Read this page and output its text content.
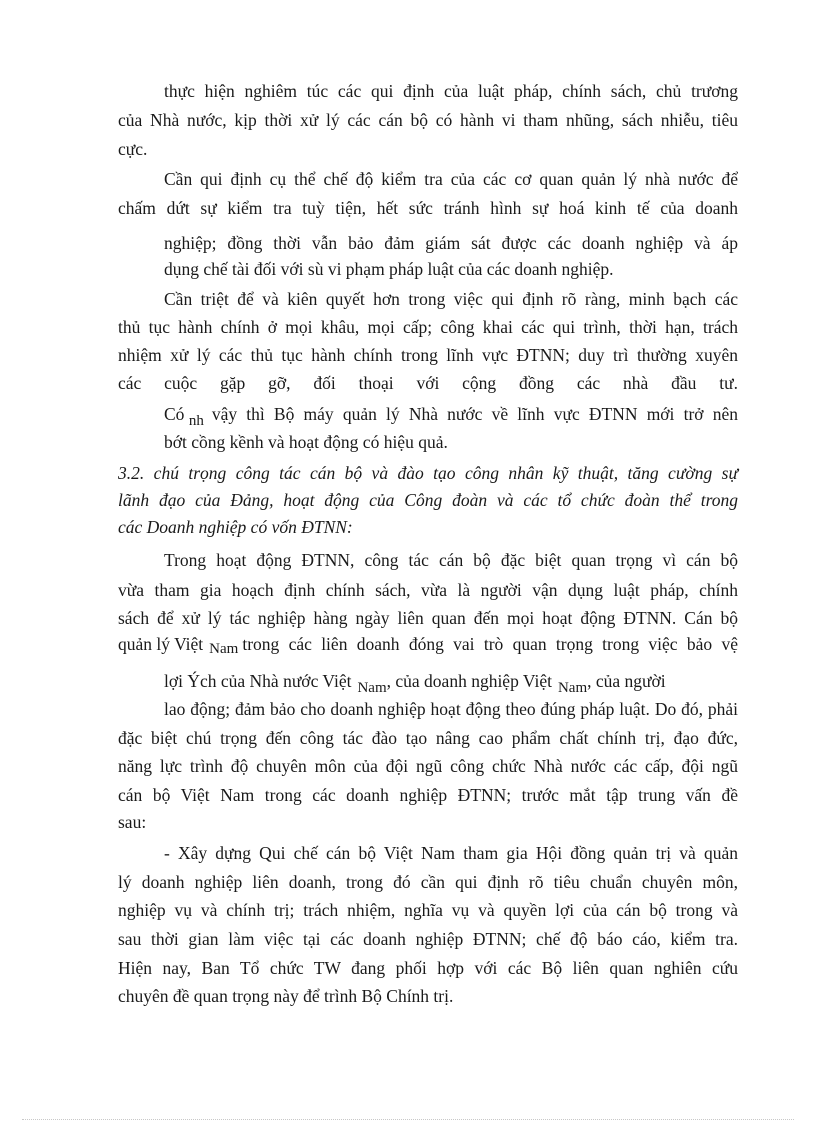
thực hiện nghiêm túc các qui định của luật pháp, chính sách, chủ trương
của Nhà nước, kịp thời xử lý các cán bộ có hành vi tham nhũng, sách nhiễu, tiêu
cực.
Cần qui định cụ thể chế độ kiểm tra của các cơ quan quản lý nhà nước để
chấm dứt sự kiểm tra tuỳ tiện, hết sức tránh hình sự hoá kinh tế của doanh
nghiệp; đồng thời vẫn bảo đảm giám sát được các doanh nghiệp và áp
dụng chế tài đối với sù vi phạm pháp luật của các doanh nghiệp.
Cần triệt để và kiên quyết hơn trong việc qui định rõ ràng, minh bạch các
thủ tục hành chính ở mọi khâu, mọi cấp; công khai các qui trình, thời hạn, trách
nhiệm xử lý các thủ tục hành chính trong lĩnh vực ĐTNN; duy trì thường xuyên
các cuộc gặp gỡ, đối thoại với cộng đồng các nhà đầu tư.
Có nh vậy thì Bộ máy quản lý Nhà nước về lĩnh vực ĐTNN mới trở nên
bớt cồng kềnh và hoạt động có hiệu quả.
3.2. chú trọng công tác cán bộ và đào tạo công nhân kỹ thuật, tăng cường sự
lãnh đạo của Đảng, hoạt động của Công đoàn và các tổ chức đoàn thể trong
các Doanh nghiệp có vốn ĐTNN:
Trong hoạt động ĐTNN, công tác cán bộ đặc biệt quan trọng vì cán bộ
vừa tham gia hoạch định chính sách, vừa là người vận dụng luật pháp, chính
sách để xử lý tác nghiệp hàng ngày liên quan đến mọi hoạt động ĐTNN. Cán bộ
quản lý Việt Nam trong các liên doanh đóng vai trò quan trọng trong việc bảo vệ
lợi Ých của Nhà nước Việt Nam , của doanh nghiệp Việt Nam , của người
lao động; đảm bảo cho doanh nghiệp hoạt động theo đúng pháp luật. Do đó, phải
đặc biệt chú trọng đến công tác đào tạo nâng cao phẩm chất chính trị, đạo đức,
năng lực trình độ chuyên môn của đội ngũ công chức Nhà nước các cấp, đội ngũ
cán bộ Việt Nam trong các doanh nghiệp ĐTNN; trước mắt tập trung vấn đề
sau:
- Xây dựng Qui chế cán bộ Việt Nam tham gia Hội đồng quản trị và quản
lý doanh nghiệp liên doanh, trong đó cần qui định rõ tiêu chuẩn chuyên môn,
nghiệp vụ và chính trị; trách nhiệm, nghĩa vụ và quyền lợi của cán bộ trong và
sau thời gian làm việc tại các doanh nghiệp ĐTNN; chế độ báo cáo, kiểm tra.
Hiện nay, Ban Tổ chức TW đang phối hợp với các Bộ liên quan nghiên cứu
chuyên đề quan trọng này để trình Bộ Chính trị.
